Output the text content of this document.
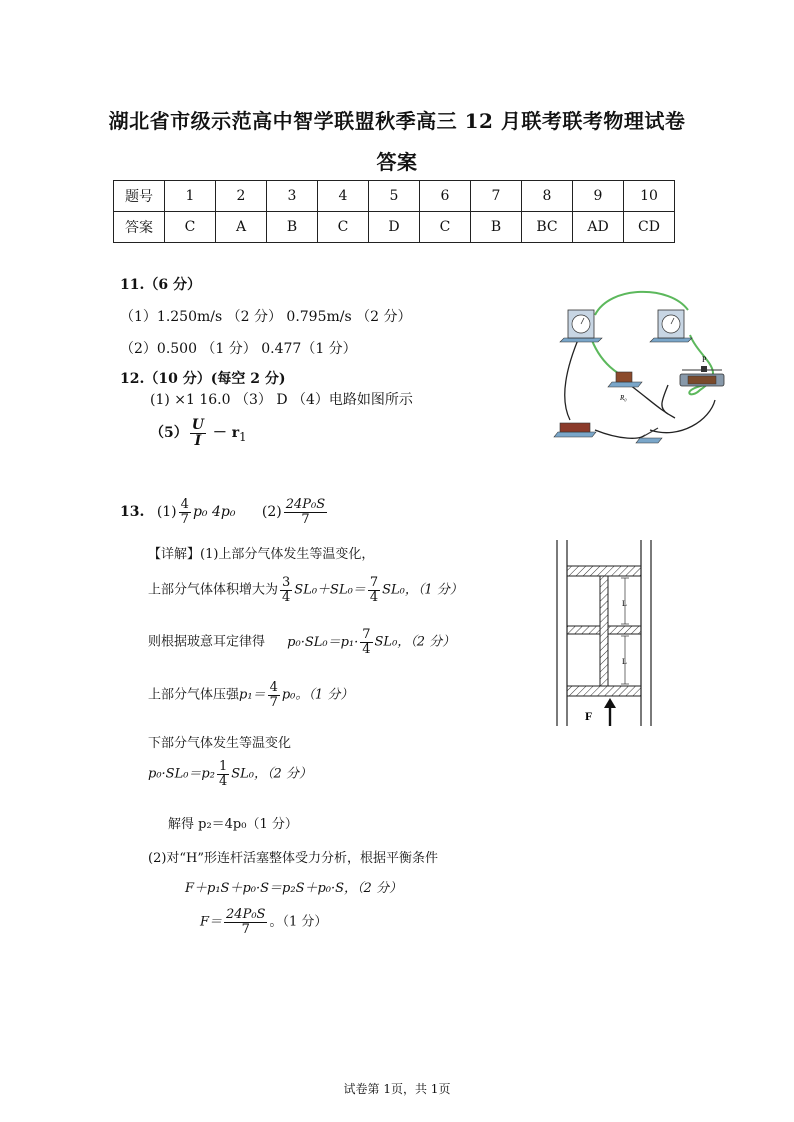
湖北省市级示范高中智学联盟秋季高三 12 月联考联考物理试卷
答案
题号	1	2	3	4	5	6	7	8	9	10
答案	C	A	B	C	D	C	B	BC	AD	CD
11.（6 分）
（1）1.250m/s （2 分） 0.795m/s （2 分）
（2）0.500 （1 分） 0.477（1 分）
12.（10 分）(每空 2 分)
(1) ×1 16.0 （3） D （4）电路如图所示
$(5) \frac{U}{I} - r_1$
R₀
P
13. $(1) \frac{4}{7} p_0$ 4p₀ $(2) \frac{\text{24P₀S}}{7}$
【详解】(1)上部分气体发生等温变化，
上部分气体体积增大为 $\frac{3}{4} SL_0+SL_0= \frac{7}{4} SL_0$，（1 分）
则根据玻意耳定律得 $p_0\cdot SL_0=p_1\cdot \frac{7}{4} SL_0$，（2 分）
上部分气体压强$p_1= \frac{4}{7} p_0$。（1 分）
下部分气体发生等温变化
$p_0\cdot SL_0=p_2 \frac{1}{4} SL_0$，（2 分）
解得 p₂＝4p₀（1 分）
(2)对“H”形连杆活塞整体受力分析，根据平衡条件
F＋p₁S＋p₀·S＝p₂S＋p₀·S，（2 分）
$F= \frac{\text{24P₀S}}{7}$ 。（1 分）
L
L
F
试卷第 1页，共 1页
